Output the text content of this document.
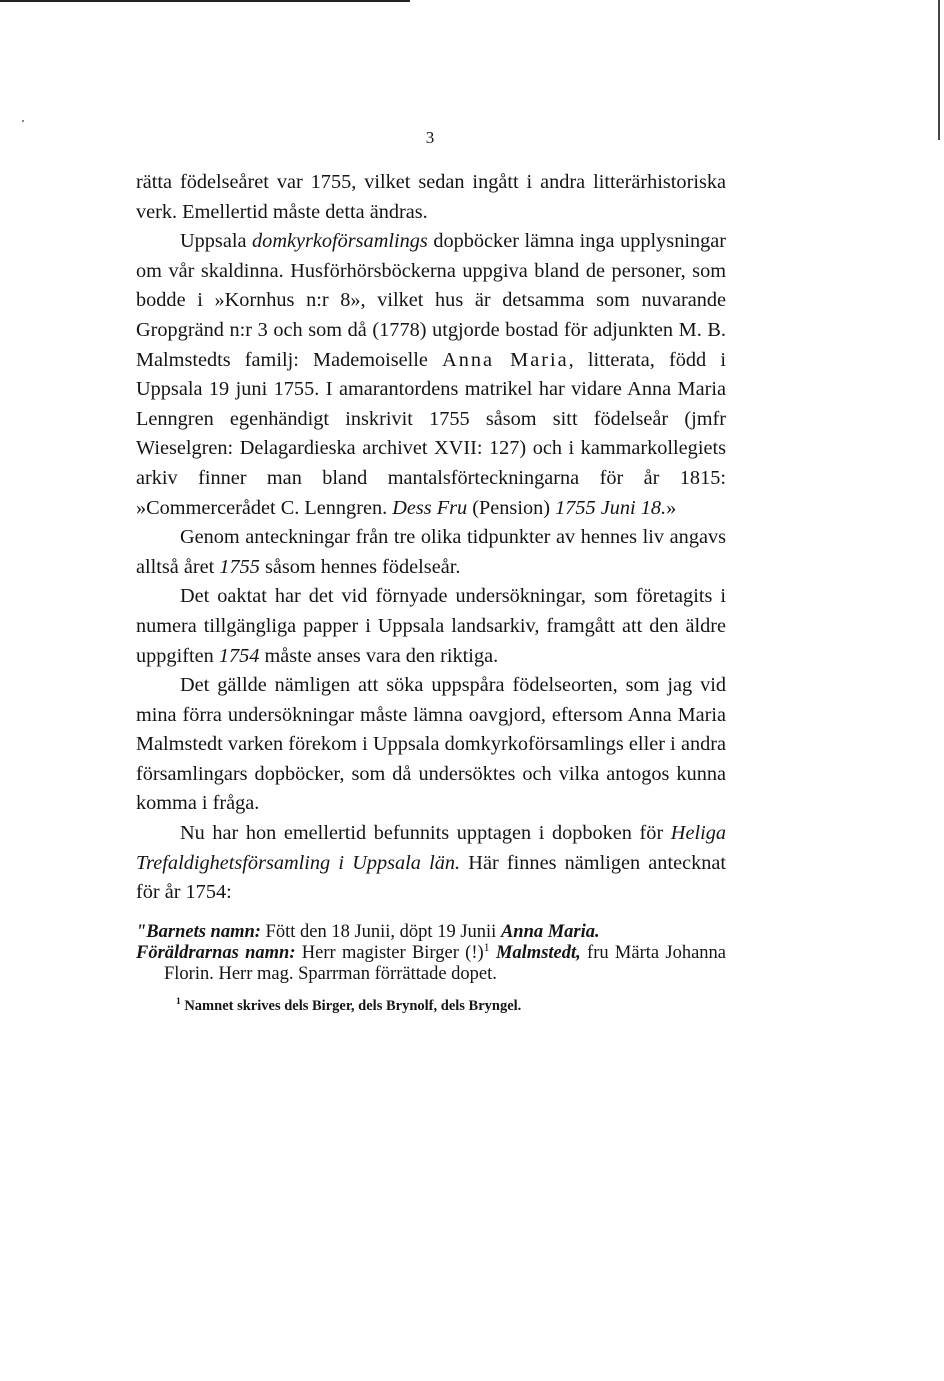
3

rätta födelseåret var 1755, vilket sedan ingått i andra litterärhistoriska verk. Emellertid måste detta ändras.

Uppsala domkyrkoförsamlings dopböcker lämna inga upplysningar om vår skaldinna. Husförhörsböckerna uppgiva bland de personer, som bodde i »Kornhus n:r 8», vilket hus är detsamma som nuvarande Gropgränd n:r 3 och som då (1778) utgjorde bostad för adjunkten M. B. Malmstedts familj: Mademoiselle Anna Maria, litterata, född i Uppsala 19 juni 1755. I amarantordens matrikel har vidare Anna Maria Lenngren egenhändigt inskrivit 1755 såsom sitt födelseår (jmfr Wieselgren: Delagardieska archivet XVII: 127) och i kammarkollegiets arkiv finner man bland mantalsförteckningarna för år 1815: »Commercerådet C. Lenngren. Dess Fru (Pension) 1755 Juni 18.»

Genom anteckningar från tre olika tidpunkter av hennes liv angavs alltså året 1755 såsom hennes födelseår.

Det oaktat har det vid förnyade undersökningar, som företagits i numera tillgängliga papper i Uppsala landsarkiv, framgått att den äldre uppgiften 1754 måste anses vara den riktiga.

Det gällde nämligen att söka uppspåra födelseorten, som jag vid mina förra undersökningar måste lämna oavgjord, eftersom Anna Maria Malmstedt varken förekom i Uppsala domkyrkoförsamlings eller i andra församlingars dopböcker, som då undersöktes och vilka antogos kunna komma i fråga.

Nu har hon emellertid befunnits upptagen i dopboken för Heliga Trefaldighetsförsamling i Uppsala län. Här finnes nämligen antecknat för år 1754:

"Barnets namn: Fött den 18 Junii, döpt 19 Junii Anna Maria.

Föräldrarnas namn: Herr magister Birger (!)$^1$ Malmstedt, fru Märta Johanna Florin. Herr mag. Sparrman förrättade dopet.

$^1$ Namnet skrives dels Birger, dels Brynolf, dels Bryngel.
